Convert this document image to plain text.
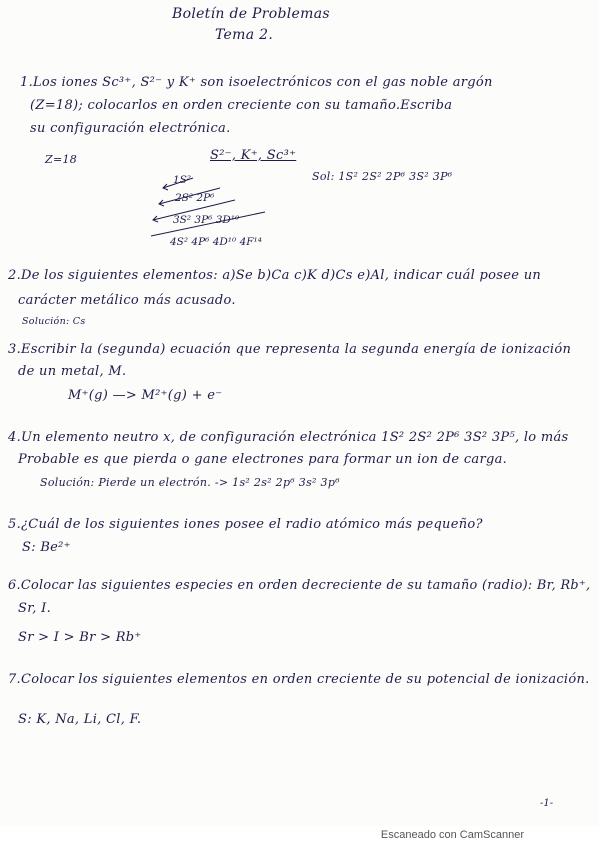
Boletín de Problemas
Tema 2.
1.Los iones Sc³⁺, S²⁻ y K⁺ son isoelectrónicos con el gas noble argón
(Z=18); colocarlos en orden creciente con su tamaño.Escriba
su configuración electrónica.
Z=18	S²⁻, K⁺, Sc³⁺
Sol: 1S² 2S² 2P⁶ 3S² 3P⁶
1S²
2S² 2P⁶
3S² 3P⁶ 3D¹⁰
4S² 4P⁶ 4D¹⁰ 4F¹⁴
2.De los siguientes elementos: a)Se b)Ca c)K d)Cs e)Al, indicar cuál posee un
carácter metálico más acusado.
Solución: Cs
3.Escribir la (segunda) ecuación que representa la segunda energía de ionización
de un metal, M.
M⁺(g) —> M²⁺(g) + e⁻
4.Un elemento neutro x, de configuración electrónica 1S² 2S² 2P⁶ 3S² 3P⁵, lo más
Probable es que pierda o gane electrones para formar un ion de carga.
Solución: Pierde un electrón. -> 1s² 2s² 2p⁶ 3s² 3p⁶
5.¿Cuál de los siguientes iones posee el radio atómico más pequeño?
S: Be²⁺
6.Colocar las siguientes especies en orden decreciente de su tamaño (radio): Br, Rb⁺,
Sr, I.
Sr > I > Br > Rb⁺
7.Colocar los siguientes elementos en orden creciente de su potencial de ionización.
S: K, Na, Li, Cl, F.
-1-
Escaneado con CamScanner
